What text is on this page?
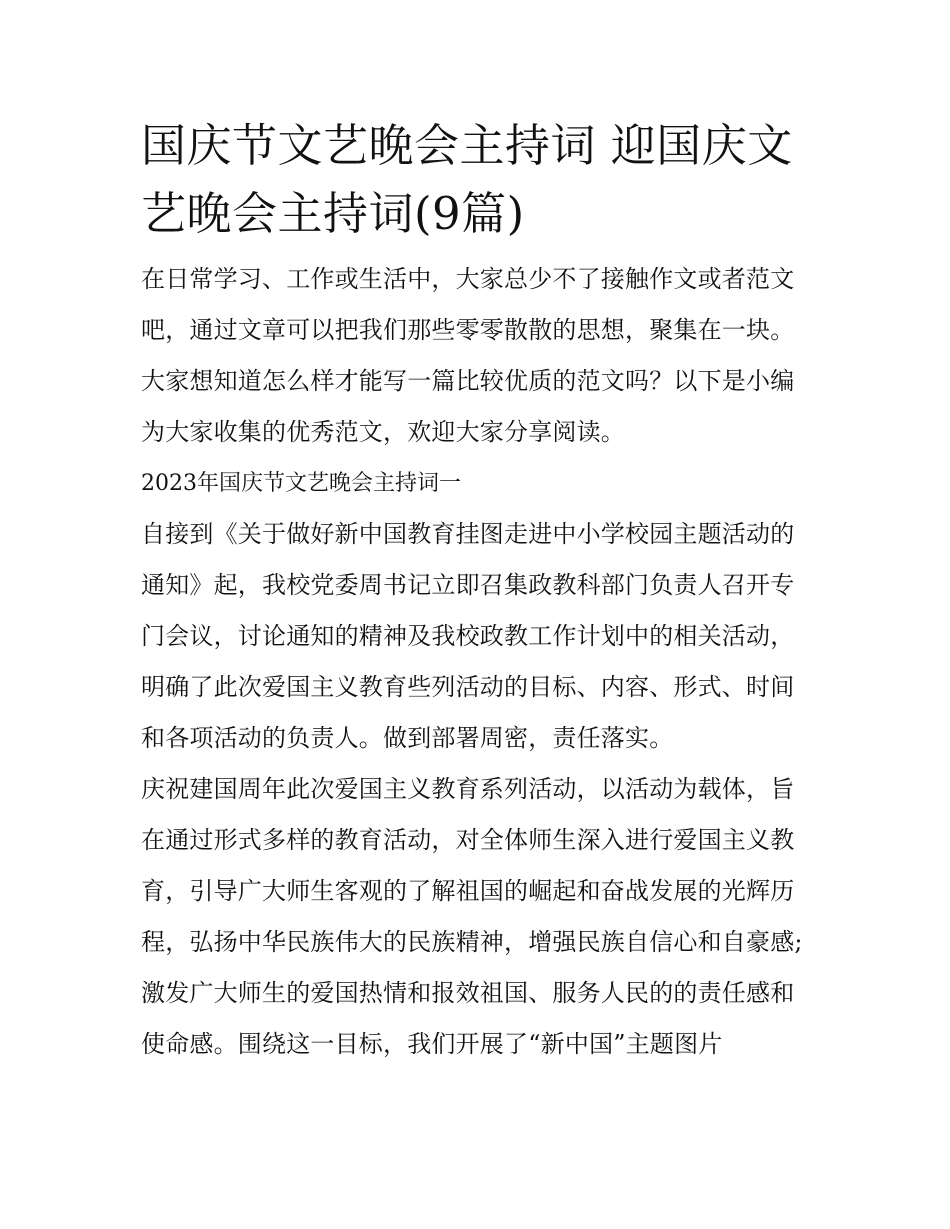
国庆节文艺晚会主持词 迎国庆文艺晚会主持词(9篇)

在日常学习、工作或生活中，大家总少不了接触作文或者范文吧，通过文章可以把我们那些零零散散的思想，聚集在一块。大家想知道怎么样才能写一篇比较优质的范文吗？以下是小编为大家收集的优秀范文，欢迎大家分享阅读。

2023年国庆节文艺晚会主持词一

自接到《关于做好新中国教育挂图走进中小学校园主题活动的通知》起，我校党委周书记立即召集政教科部门负责人召开专门会议，讨论通知的精神及我校政教工作计划中的相关活动，明确了此次爱国主义教育些列活动的目标、内容、形式、时间和各项活动的负责人。做到部署周密，责任落实。

庆祝建国周年此次爱国主义教育系列活动，以活动为载体，旨在通过形式多样的教育活动，对全体师生深入进行爱国主义教育，引导广大师生客观的了解祖国的崛起和奋战发展的光辉历程，弘扬中华民族伟大的民族精神，增强民族自信心和自豪感;激发广大师生的爱国热情和报效祖国、服务人民的的责任感和使命感。围绕这一目标，我们开展了“新中国”主题图片
